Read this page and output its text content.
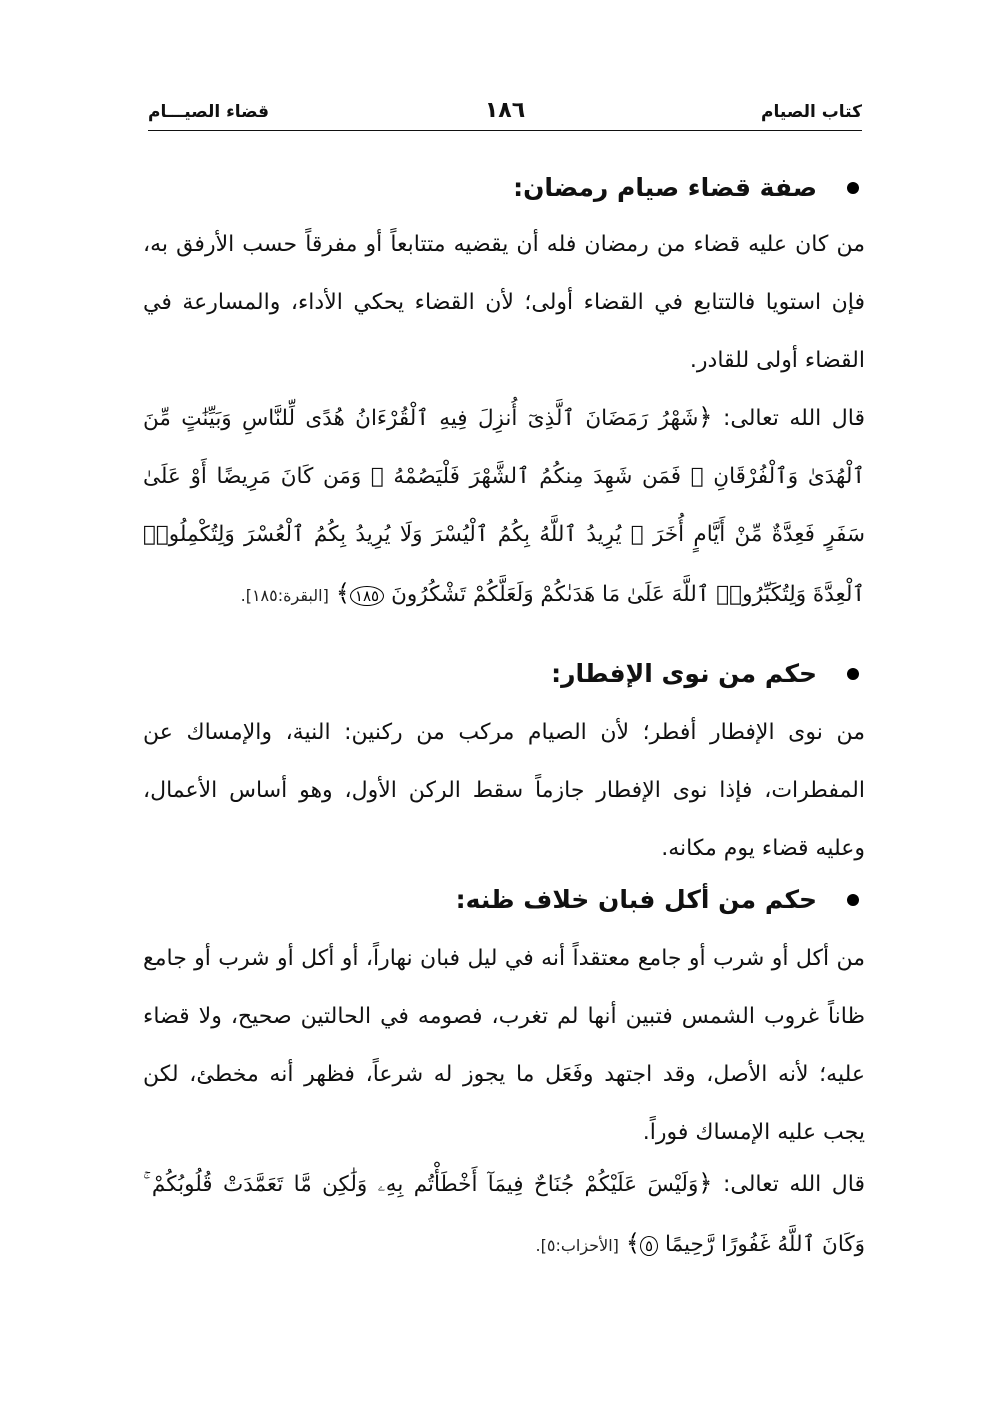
كتاب الصيام
١٨٦
قضاء الصيـــام
صفة قضاء صيام رمضان:

من كان عليه قضاء من رمضان فله أن يقضيه متتابعاً أو مفرقاً حسب الأرفق به، فإن استويا فالتتابع في القضاء أولى؛ لأن القضاء يحكي الأداء، والمسارعة في القضاء أولى للقادر.

قال الله تعالى: ﴿شَهْرُ رَمَضَانَ ٱلَّذِىٓ أُنزِلَ فِيهِ ٱلْقُرْءَانُ هُدًى لِّلنَّاسِ وَبَيِّنَٰتٍ مِّنَ ٱلْهُدَىٰ وَٱلْفُرْقَانِ ۚ فَمَن شَهِدَ مِنكُمُ ٱلشَّهْرَ فَلْيَصُمْهُ ۖ وَمَن كَانَ مَرِيضًا أَوْ عَلَىٰ سَفَرٍ فَعِدَّةٌ مِّنْ أَيَّامٍ أُخَرَ ۗ يُرِيدُ ٱللَّهُ بِكُمُ ٱلْيُسْرَ وَلَا يُرِيدُ بِكُمُ ٱلْعُسْرَ وَلِتُكْمِلُوا۟ ٱلْعِدَّةَ وَلِتُكَبِّرُوا۟ ٱللَّهَ عَلَىٰ مَا هَدَىٰكُمْ وَلَعَلَّكُمْ تَشْكُرُونَ ١٨٥﴾ [البقرة:١٨٥].

حكم من نوى الإفطار:

من نوى الإفطار أفطر؛ لأن الصيام مركب من ركنين: النية، والإمساك عن المفطرات، فإذا نوى الإفطار جازماً سقط الركن الأول، وهو أساس الأعمال، وعليه قضاء يوم مكانه.

حكم من أكل فبان خلاف ظنه:

من أكل أو شرب أو جامع معتقداً أنه في ليل فبان نهاراً، أو أكل أو شرب أو جامع ظاناً غروب الشمس فتبين أنها لم تغرب، فصومه في الحالتين صحيح، ولا قضاء عليه؛ لأنه الأصل، وقد اجتهد وفَعَل ما يجوز له شرعاً، فظهر أنه مخطئ، لكن يجب عليه الإمساك فوراً.

قال الله تعالى: ﴿وَلَيْسَ عَلَيْكُمْ جُنَاحٌ فِيمَآ أَخْطَأْتُم بِهِۦ وَلَٰكِن مَّا تَعَمَّدَتْ قُلُوبُكُمْ ۚ وَكَانَ ٱللَّهُ غَفُورًا رَّحِيمًا ٥﴾ [الأحزاب:٥].
